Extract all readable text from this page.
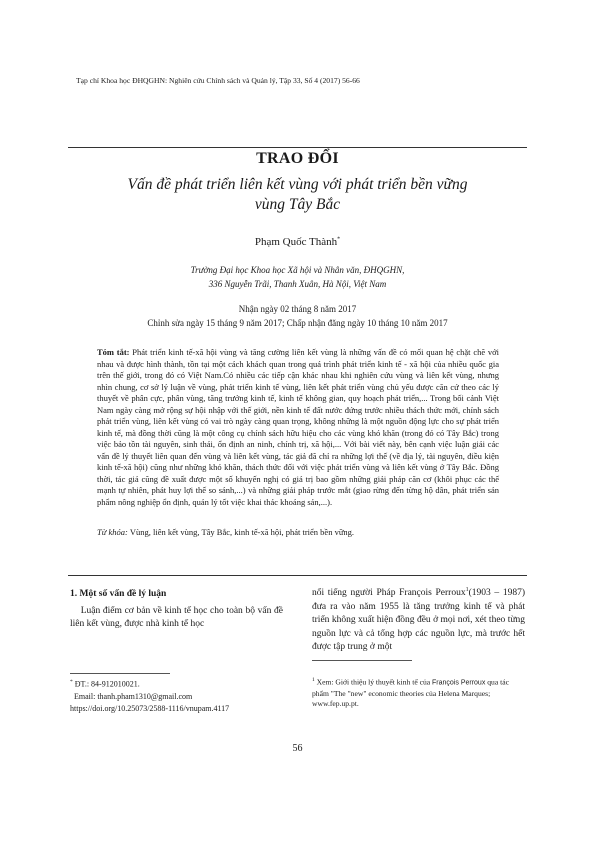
Tạp chí Khoa học ĐHQGHN: Nghiên cứu Chính sách và Quản lý, Tập 33, Số 4 (2017) 56-66
TRAO ĐỔI
Vấn đề phát triển liên kết vùng với phát triển bền vững
vùng Tây Bắc
Phạm Quốc Thành*
Trường Đại học Khoa học Xã hội và Nhân văn, ĐHQGHN,
336 Nguyễn Trãi, Thanh Xuân, Hà Nội, Việt Nam
Nhận ngày 02 tháng 8 năm 2017
Chỉnh sửa ngày 15 tháng 9 năm 2017; Chấp nhận đăng ngày 10 tháng 10 năm 2017
Tóm tắt: Phát triển kinh tế-xã hội vùng và tăng cường liên kết vùng là những vấn đề có mối quan hệ chặt chẽ với nhau và được hình thành, tồn tại một cách khách quan trong quá trình phát triển kinh tế - xã hội của nhiều quốc gia trên thế giới, trong đó có Việt Nam.Có nhiều các tiếp cận khác nhau khi nghiên cứu vùng và liên kết vùng, nhưng nhìn chung, cơ sở lý luận về vùng, phát triển kinh tế vùng, liên kết phát triển vùng chủ yếu được căn cứ theo các lý thuyết về phân cực, phân vùng, tăng trưởng kinh tế, kinh tế không gian, quy hoạch phát triển,... Trong bối cảnh Việt Nam ngày càng mở rộng sự hội nhập với thế giới, nền kinh tế đất nước đứng trước nhiều thách thức mới, chính sách phát triển vùng, liên kết vùng có vai trò ngày càng quan trọng, không những là một nguồn động lực cho sự phát triển kinh tế, mà đồng thời cũng là một công cụ chính sách hữu hiệu cho các vùng khó khăn (trong đó có Tây Bắc) trong việc bảo tồn tài nguyên, sinh thái, ổn định an ninh, chính trị, xã hội,... Với bài viết này, bên cạnh việc luận giải các vấn đề lý thuyết liên quan đến vùng và liên kết vùng, tác giả đã chỉ ra những lợi thế (về địa lý, tài nguyên, điều kiện kinh tế-xã hội) cũng như những khó khăn, thách thức đối với việc phát triển vùng và liên kết vùng ở Tây Bắc. Đồng thời, tác giả cũng đề xuất được một số khuyến nghị có giá trị bao gồm những giải pháp căn cơ (khôi phục các thế mạnh tự nhiên, phát huy lợi thế so sánh,...) và những giải pháp trước mắt (giao rừng đến từng hộ dân, phát triển sản phẩm nông nghiệp ổn định, quản lý tốt việc khai thác khoáng sản,...).
Từ khóa: Vùng, liên kết vùng, Tây Bắc, kinh tế-xã hội, phát triển bền vững.
1. Một số vấn đề lý luận
Luận điểm cơ bản về kinh tế học cho toàn bộ vấn đề liên kết vùng, được nhà kinh tế học
nổi tiếng người Pháp François Perroux$^1$(1903 – 1987) đưa ra vào năm 1955 là tăng trưởng kinh tế và phát triển không xuất hiện đồng đều ở mọi nơi, xét theo từng nguồn lực và cả tổng hợp các nguồn lực, mà trước hết được tập trung ở một
* ĐT.: 84-912010021.
Email: thanh.pham1310@gmail.com
https://doi.org/10.25073/2588-1116/vnupam.4117
$^1$ Xem: Giới thiệu lý thuyết kinh tế của François Perroux qua tác phẩm "The "new" economic theories của Helena Marques; www.fep.up.pt.
56
